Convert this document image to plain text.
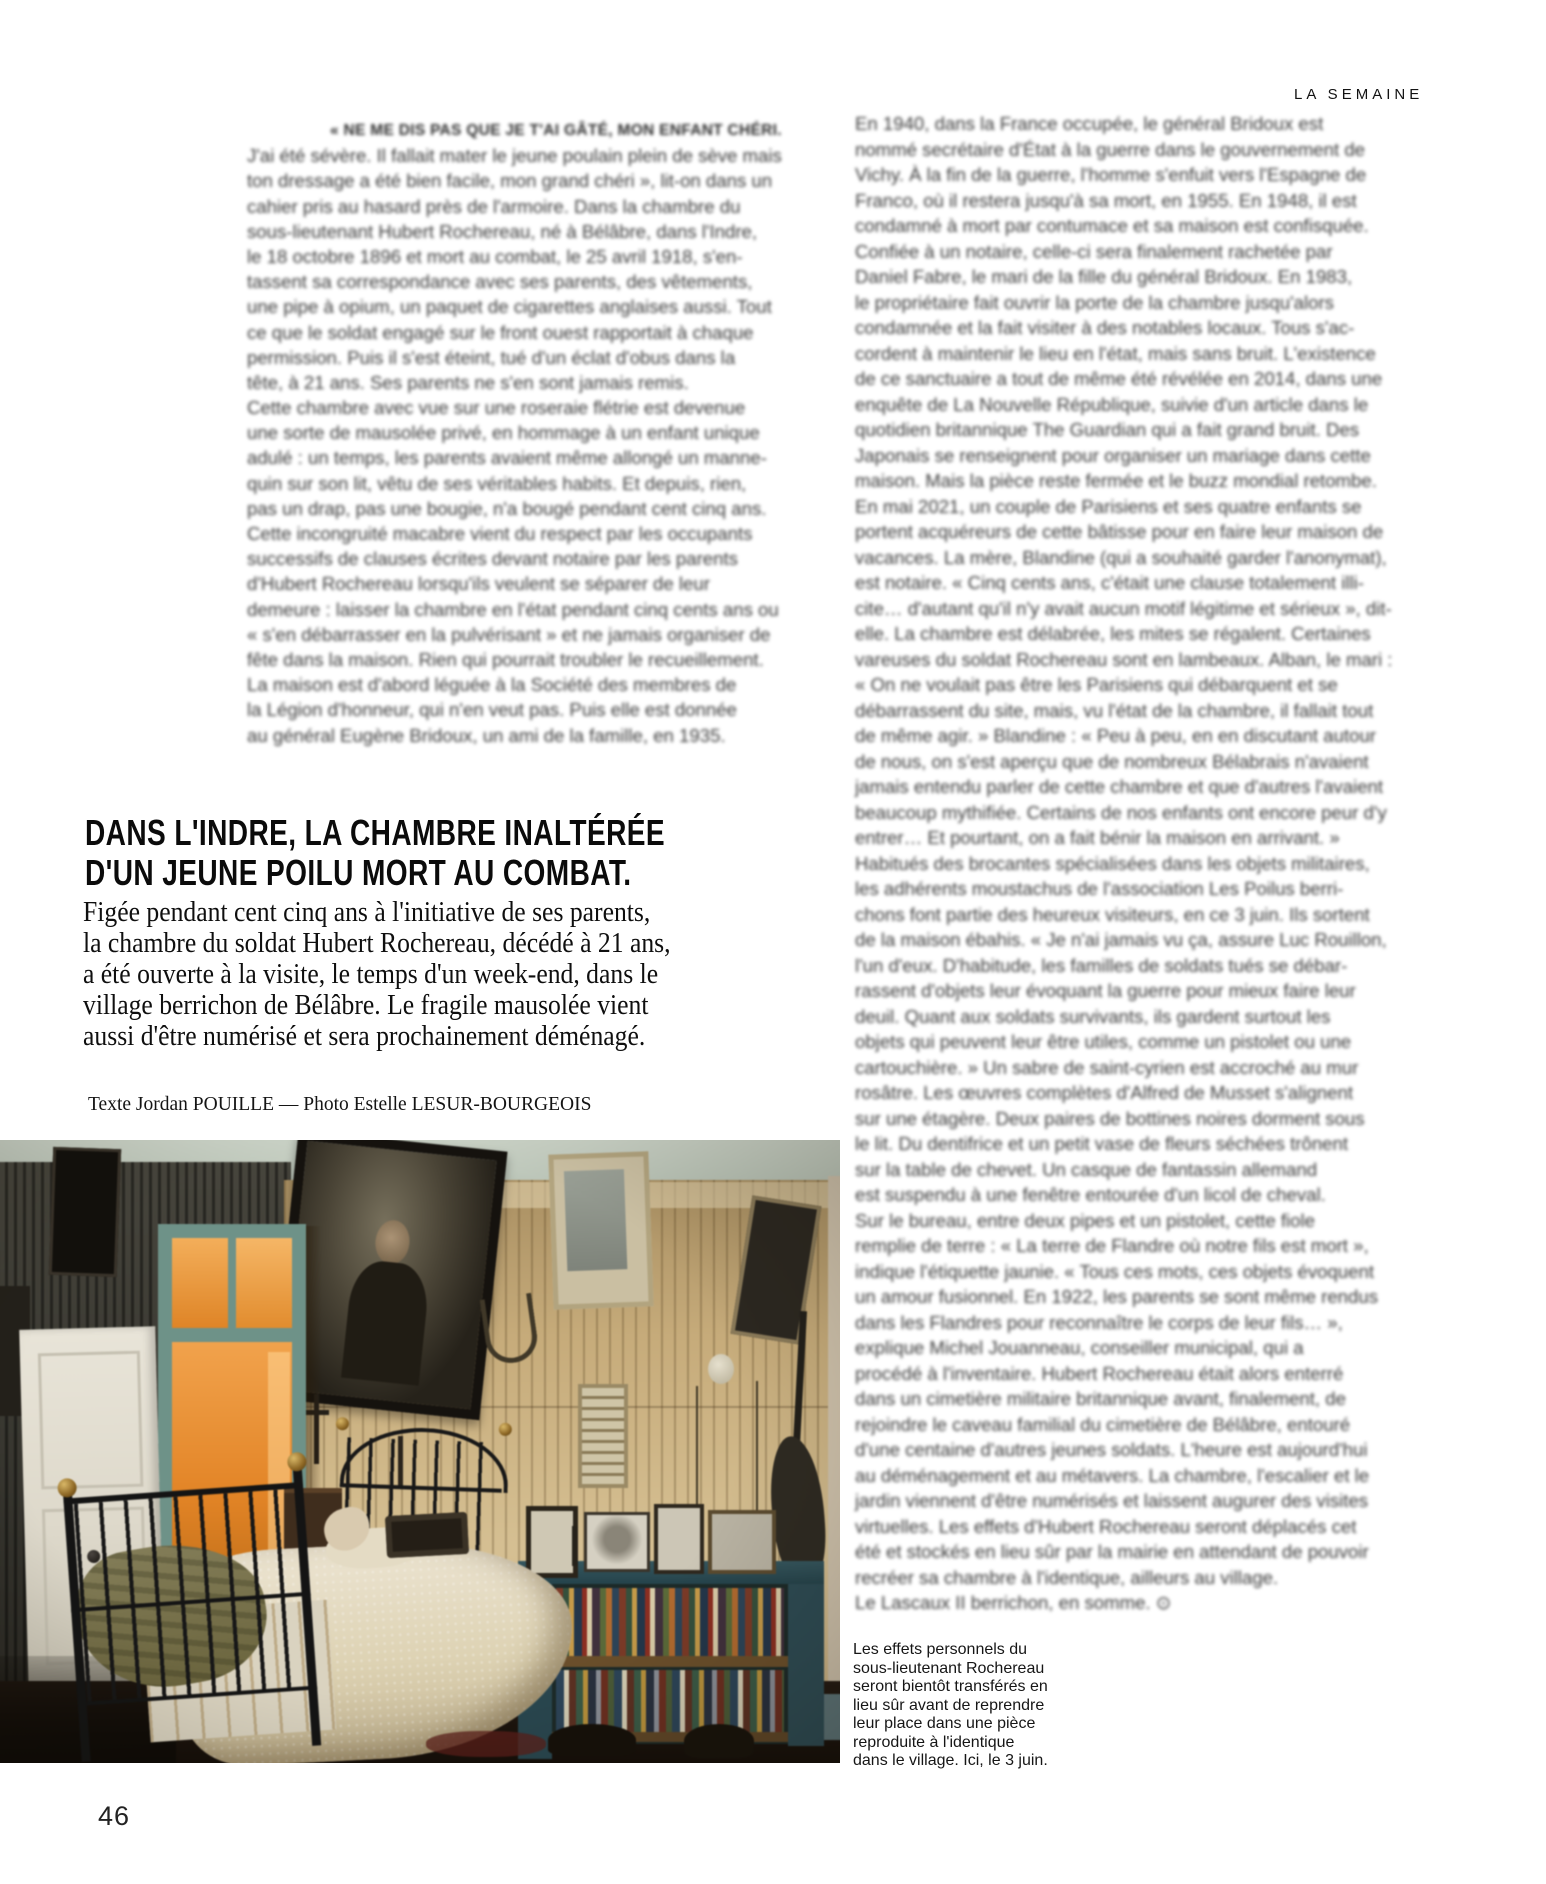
LA SEMAINE
« NE ME DIS PAS QUE JE T'AI GÂTÉ, MON ENFANT CHÉRI.
J'ai été sévère. Il fallait mater le jeune poulain plein de sève mais
ton dressage a été bien facile, mon grand chéri », lit-on dans un
cahier pris au hasard près de l'armoire. Dans la chambre du
sous-lieutenant Hubert Rochereau, né à Bélâbre, dans l'Indre,
le 18 octobre 1896 et mort au combat, le 25 avril 1918, s'en-
tassent sa correspondance avec ses parents, des vêtements,
une pipe à opium, un paquet de cigarettes anglaises aussi. Tout
ce que le soldat engagé sur le front ouest rapportait à chaque
permission. Puis il s'est éteint, tué d'un éclat d'obus dans la
tête, à 21 ans. Ses parents ne s'en sont jamais remis.
Cette chambre avec vue sur une roseraie flétrie est devenue
une sorte de mausolée privé, en hommage à un enfant unique
adulé : un temps, les parents avaient même allongé un manne-
quin sur son lit, vêtu de ses véritables habits. Et depuis, rien,
pas un drap, pas une bougie, n'a bougé pendant cent cinq ans.
Cette incongruité macabre vient du respect par les occupants
successifs de clauses écrites devant notaire par les parents
d'Hubert Rochereau lorsqu'ils veulent se séparer de leur
demeure : laisser la chambre en l'état pendant cinq cents ans ou
« s'en débarrasser en la pulvérisant » et ne jamais organiser de
fête dans la maison. Rien qui pourrait troubler le recueillement.
La maison est d'abord léguée à la Société des membres de
la Légion d'honneur, qui n'en veut pas. Puis elle est donnée
au général Eugène Bridoux, un ami de la famille, en 1935.
En 1940, dans la France occupée, le général Bridoux est
nommé secrétaire d'État à la guerre dans le gouvernement de
Vichy. À la fin de la guerre, l'homme s'enfuit vers l'Espagne de
Franco, où il restera jusqu'à sa mort, en 1955. En 1948, il est
condamné à mort par contumace et sa maison est confisquée.
Confiée à un notaire, celle-ci sera finalement rachetée par
Daniel Fabre, le mari de la fille du général Bridoux. En 1983,
le propriétaire fait ouvrir la porte de la chambre jusqu'alors
condamnée et la fait visiter à des notables locaux. Tous s'ac-
cordent à maintenir le lieu en l'état, mais sans bruit. L'existence
de ce sanctuaire a tout de même été révélée en 2014, dans une
enquête de La Nouvelle République, suivie d'un article dans le
quotidien britannique The Guardian qui a fait grand bruit. Des
Japonais se renseignent pour organiser un mariage dans cette
maison. Mais la pièce reste fermée et le buzz mondial retombe.
En mai 2021, un couple de Parisiens et ses quatre enfants se
portent acquéreurs de cette bâtisse pour en faire leur maison de
vacances. La mère, Blandine (qui a souhaité garder l'anonymat),
est notaire. « Cinq cents ans, c'était une clause totalement illi-
cite… d'autant qu'il n'y avait aucun motif légitime et sérieux », dit-
elle. La chambre est délabrée, les mites se régalent. Certaines
vareuses du soldat Rochereau sont en lambeaux. Alban, le mari :
« On ne voulait pas être les Parisiens qui débarquent et se
débarrassent du site, mais, vu l'état de la chambre, il fallait tout
de même agir. » Blandine : « Peu à peu, en en discutant autour
de nous, on s'est aperçu que de nombreux Bélabrais n'avaient
jamais entendu parler de cette chambre et que d'autres l'avaient
beaucoup mythifiée. Certains de nos enfants ont encore peur d'y
entrer… Et pourtant, on a fait bénir la maison en arrivant. »
Habitués des brocantes spécialisées dans les objets militaires,
les adhérents moustachus de l'association Les Poilus berri-
chons font partie des heureux visiteurs, en ce 3 juin. Ils sortent
de la maison ébahis. « Je n'ai jamais vu ça, assure Luc Rouillon,
l'un d'eux. D'habitude, les familles de soldats tués se débar-
rassent d'objets leur évoquant la guerre pour mieux faire leur
deuil. Quant aux soldats survivants, ils gardent surtout les
objets qui peuvent leur être utiles, comme un pistolet ou une
cartouchière. » Un sabre de saint-cyrien est accroché au mur
rosâtre. Les œuvres complètes d'Alfred de Musset s'alignent
sur une étagère. Deux paires de bottines noires dorment sous
le lit. Du dentifrice et un petit vase de fleurs séchées trônent
sur la table de chevet. Un casque de fantassin allemand
est suspendu à une fenêtre entourée d'un licol de cheval.
Sur le bureau, entre deux pipes et un pistolet, cette fiole
remplie de terre : « La terre de Flandre où notre fils est mort »,
indique l'étiquette jaunie. « Tous ces mots, ces objets évoquent
un amour fusionnel. En 1922, les parents se sont même rendus
dans les Flandres pour reconnaître le corps de leur fils… »,
explique Michel Jouanneau, conseiller municipal, qui a
procédé à l'inventaire. Hubert Rochereau était alors enterré
dans un cimetière militaire britannique avant, finalement, de
rejoindre le caveau familial du cimetière de Bélâbre, entouré
d'une centaine d'autres jeunes soldats. L'heure est aujourd'hui
au déménagement et au métavers. La chambre, l'escalier et le
jardin viennent d'être numérisés et laissent augurer des visites
virtuelles. Les effets d'Hubert Rochereau seront déplacés cet
été et stockés en lieu sûr par la mairie en attendant de pouvoir
recréer sa chambre à l'identique, ailleurs au village.
Le Lascaux II berrichon, en somme. ⊙
DANS L'INDRE, LA CHAMBRE INALTÉRÉE
D'UN JEUNE POILU MORT AU COMBAT.
Figée pendant cent cinq ans à l'initiative de ses parents,
la chambre du soldat Hubert Rochereau, décédé à 21 ans,
a été ouverte à la visite, le temps d'un week-end, dans le
village berrichon de Bélâbre. Le fragile mausolée vient
aussi d'être numérisé et sera prochainement déménagé.
Texte Jordan POUILLE — Photo Estelle LESUR-BOURGEOIS
Les effets personnels du
sous-lieutenant Rochereau
seront bientôt transférés en
lieu sûr avant de reprendre
leur place dans une pièce
reproduite à l'identique
dans le village. Ici, le 3 juin.
46
